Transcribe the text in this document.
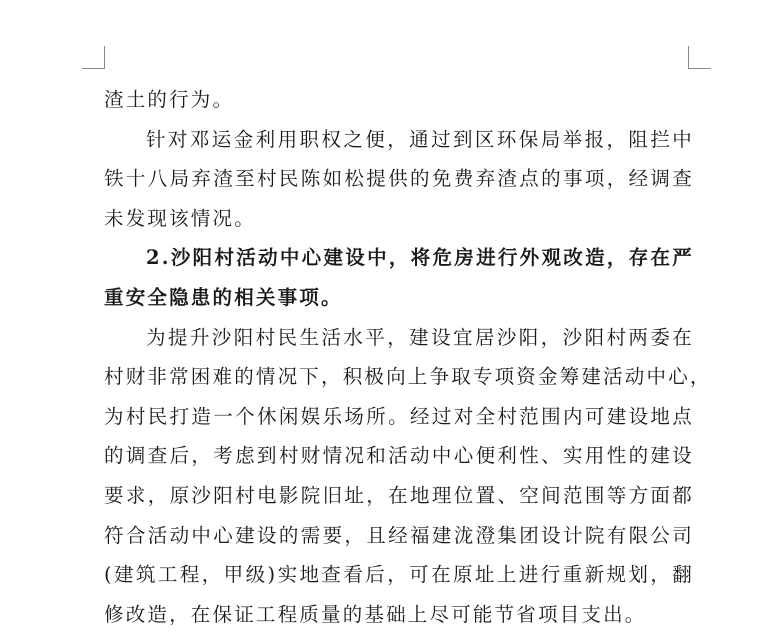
渣土的行为。
针对邓运金利用职权之便，通过到区环保局举报，阻拦中
铁十八局弃渣至村民陈如松提供的免费弃渣点的事项，经调查
未发现该情况。
2.沙阳村活动中心建设中，将危房进行外观改造，存在严
重安全隐患的相关事项。
为提升沙阳村民生活水平，建设宜居沙阳，沙阳村两委在
村财非常困难的情况下，积极向上争取专项资金筹建活动中心，
为村民打造一个休闲娱乐场所。经过对全村范围内可建设地点
的调查后，考虑到村财情况和活动中心便利性、实用性的建设
要求，原沙阳村电影院旧址，在地理位置、空间范围等方面都
符合活动中心建设的需要，且经福建泷澄集团设计院有限公司
(建筑工程，甲级)实地查看后，可在原址上进行重新规划，翻
修改造，在保证工程质量的基础上尽可能节省项目支出。
